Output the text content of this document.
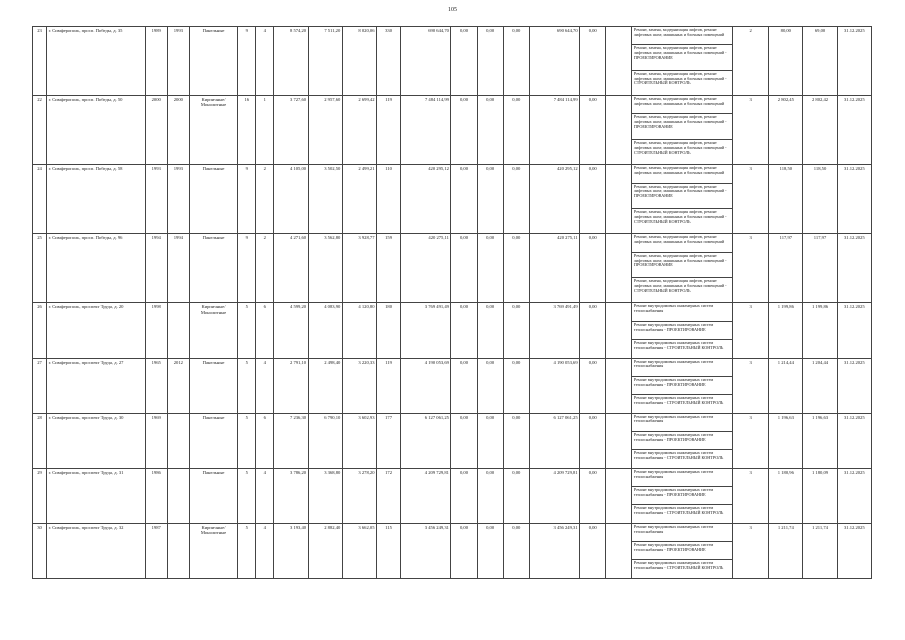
105
23	г. Симферополь, просп. Победы, д. 35	1989	1993	Панельные	9	4	8 574,20	7 511,20	8 020,06	330	690 644,70	0,00	0,00	0,00	690 644,70	0,00		Ремонт, замена, модернизация лифтов, ремонт лифтовых шахт, машинных и блочных помещений	2	80,00	69,00	31.12.2025
																		Ремонт, замена, модернизация лифтов, ремонт лифтовых шахт, машинных и блочных помещений - ПРОЕКТИРОВАНИЕ				
																		Ремонт, замена, модернизация лифтов, ремонт лифтовых шахт, машинных и блочных помещений - СТРОИТЕЛЬНЫЙ КОНТРОЛЬ				
22	г. Симферополь, просп. Победы, д. 50	2000	2000	Кирпичные/Монолитные	16	1	3 727,60	2 957,60	2 699,42	119	7 484 114,99	0,00	0,00	0,00	7 484 114,99	0,00		Ремонт, замена, модернизация лифтов, ремонт лифтовых шахт, машинных и блочных помещений	3	2 802,45	2 802,42	31.12.2025
																		Ремонт, замена, модернизация лифтов, ремонт лифтовых шахт, машинных и блочных помещений - ПРОЕКТИРОВАНИЕ				
																		Ремонт, замена, модернизация лифтов, ремонт лифтовых шахт, машинных и блочных помещений - СТРОИТЕЛЬНЫЙ КОНТРОЛЬ				
24	г. Симферополь, просп. Победы, д. 58	1993	1993	Панельные	9	2	4 105,00	3 502,50	2 499,21	110	420 295,12	0,00	0,00	0,00	420 295,12	0,00		Ремонт, замена, модернизация лифтов, ремонт лифтовых шахт, машинных и блочных помещений	3	118,50	118,50	31.12.2025
																		Ремонт, замена, модернизация лифтов, ремонт лифтовых шахт, машинных и блочных помещений - ПРОЕКТИРОВАНИЕ				
																		Ремонт, замена, модернизация лифтов, ремонт лифтовых шахт, машинных и блочных помещений - СТРОИТЕЛЬНЫЙ КОНТРОЛЬ				
25	г. Симферополь, просп. Победы, д. 96	1994	1994	Панельные	9	2	4 271,60	3 562,80	3 928,77	159	420 275,11	0,00	0,00	0,00	420 275,11	0,00		Ремонт, замена, модернизация лифтов, ремонт лифтовых шахт, машинных и блочных помещений	3	117,97	117,97	31.12.2025
																		Ремонт, замена, модернизация лифтов, ремонт лифтовых шахт, машинных и блочных помещений - ПРОЕКТИРОВАНИЕ				
																		Ремонт, замена, модернизация лифтов, ремонт лифтовых шахт, машинных и блочных помещений - СТРОИТЕЛЬНЫЙ КОНТРОЛЬ				
26	г. Симферополь, проспект Труда, д. 20	1998		Кирпичные/Монолитные	5	6	4 599,20	4 083,90	4 120,80	180	3 769 491,49	0,00	0,00	0,00	3 769 491,49	0,00		Ремонт внутридомовых инженерных систем теплоснабжения	3	1 199,86	1 199,86	31.12.2025
																		Ремонт внутридомовых инженерных систем теплоснабжения - ПРОЕКТИРОВАНИЕ				
																		Ремонт внутридомовых инженерных систем теплоснабжения - СТРОИТЕЛЬНЫЙ КОНТРОЛЬ				
27	г. Симферополь, проспект Труда, д. 27	1965	2012	Панельные	5	4	2 791,10	2 498,40	3 220,33	119	4 190 053,69	0,00	0,00	0,00	4 190 053,69	0,00		Ремонт внутридомовых инженерных систем теплоснабжения	3	1 214,44	1 204,44	31.12.2025
																		Ремонт внутридомовых инженерных систем теплоснабжения - ПРОЕКТИРОВАНИЕ				
																		Ремонт внутридомовых инженерных систем теплоснабжения - СТРОИТЕЛЬНЫЙ КОНТРОЛЬ				
28	г. Симферополь, проспект Труда, д. 30	1969		Панельные	5	6	7 236,30	6 790,10	3 602,93	177	6 127 061,25	0,00	0,00	0,00	6 127 061,25	0,00		Ремонт внутридомовых инженерных систем теплоснабжения	3	1 196,63	1 196,63	31.12.2025
																		Ремонт внутридомовых инженерных систем теплоснабжения - ПРОЕКТИРОВАНИЕ				
																		Ремонт внутридомовых инженерных систем теплоснабжения - СТРОИТЕЛЬНЫЙ КОНТРОЛЬ				
29	г. Симферополь, проспект Труда, д. 31	1986		Панельные	5	4	3 786,20	3 368,80	3 278,20	172	4 209 729,81	0,00	0,00	0,00	4 209 729,81	0,00		Ремонт внутридомовых инженерных систем теплоснабжения	3	1 180,96	1 180,09	31.12.2025
																		Ремонт внутридомовых инженерных систем теплоснабжения - ПРОЕКТИРОВАНИЕ				
																		Ремонт внутридомовых инженерных систем теплоснабжения - СТРОИТЕЛЬНЫЙ КОНТРОЛЬ				
30	г. Симферополь, проспект Труда, д. 32	1987		Кирпичные/Монолитные	5	4	3 193,40	2 882,40	3 662,05	115	3 456 249,31	0,00	0,00	0,00	3 456 249,31	0,00		Ремонт внутридомовых инженерных систем теплоснабжения	3	1 211,74	1 211,74	31.12.2025
																		Ремонт внутридомовых инженерных систем теплоснабжения - ПРОЕКТИРОВАНИЕ				
																		Ремонт внутридомовых инженерных систем теплоснабжения - СТРОИТЕЛЬНЫЙ КОНТРОЛЬ				
